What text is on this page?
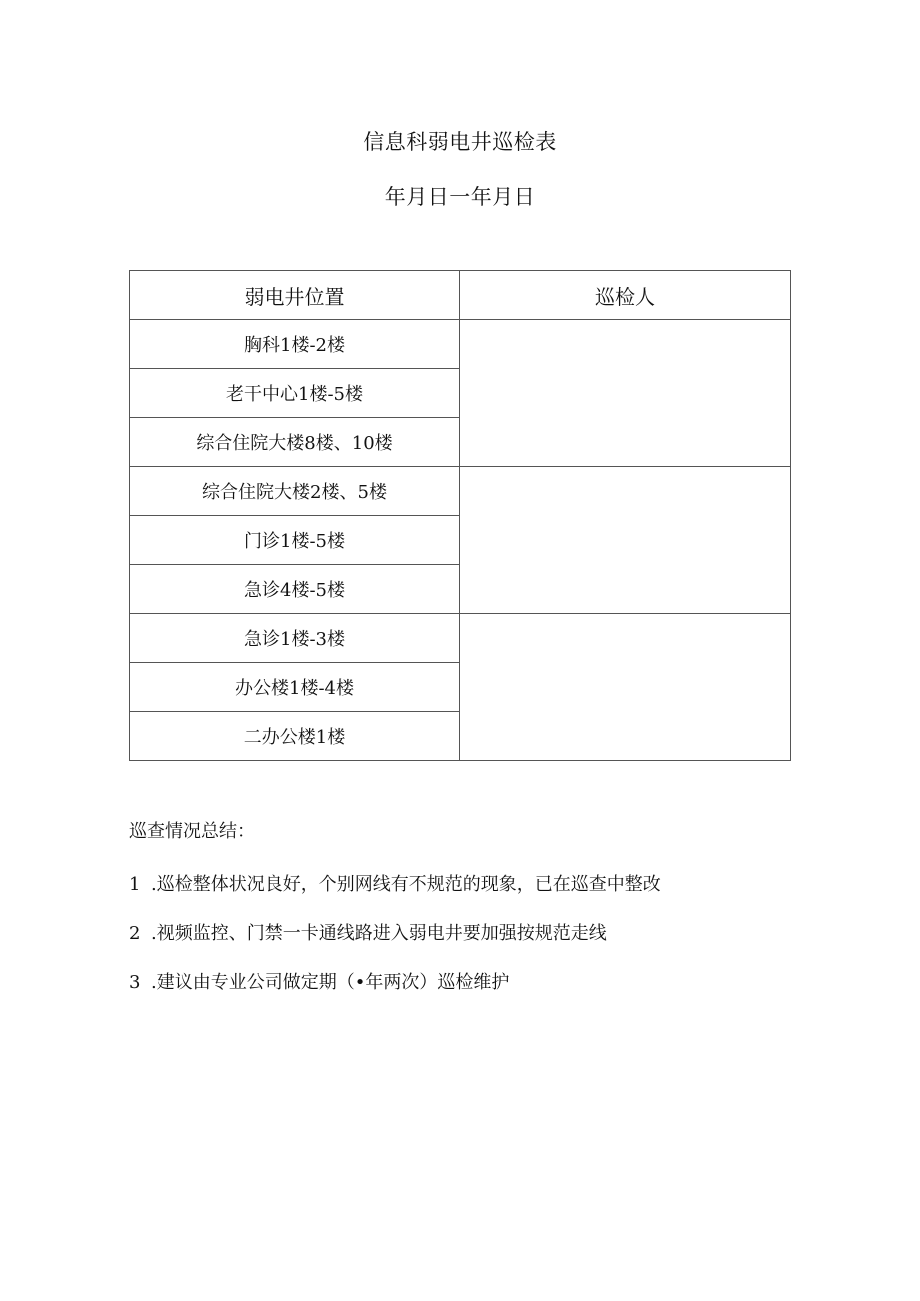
信息科弱电井巡检表
年月日一年月日
弱电井位置	巡检人
胸科1楼-2楼	
老干中心1楼-5楼	
综合住院大楼8楼、10楼	
综合住院大楼2楼、5楼	
门诊1楼-5楼	
急诊4楼-5楼	
急诊1楼-3楼	
办公楼1楼-4楼	
二办公楼1楼	
巡查情况总结：
1 .巡检整体状况良好，个别网线有不规范的现象，已在巡查中整改
2 .视频监控、门禁一卡通线路进入弱电井要加强按规范走线
3 .建议由专业公司做定期（•年两次）巡检维护
